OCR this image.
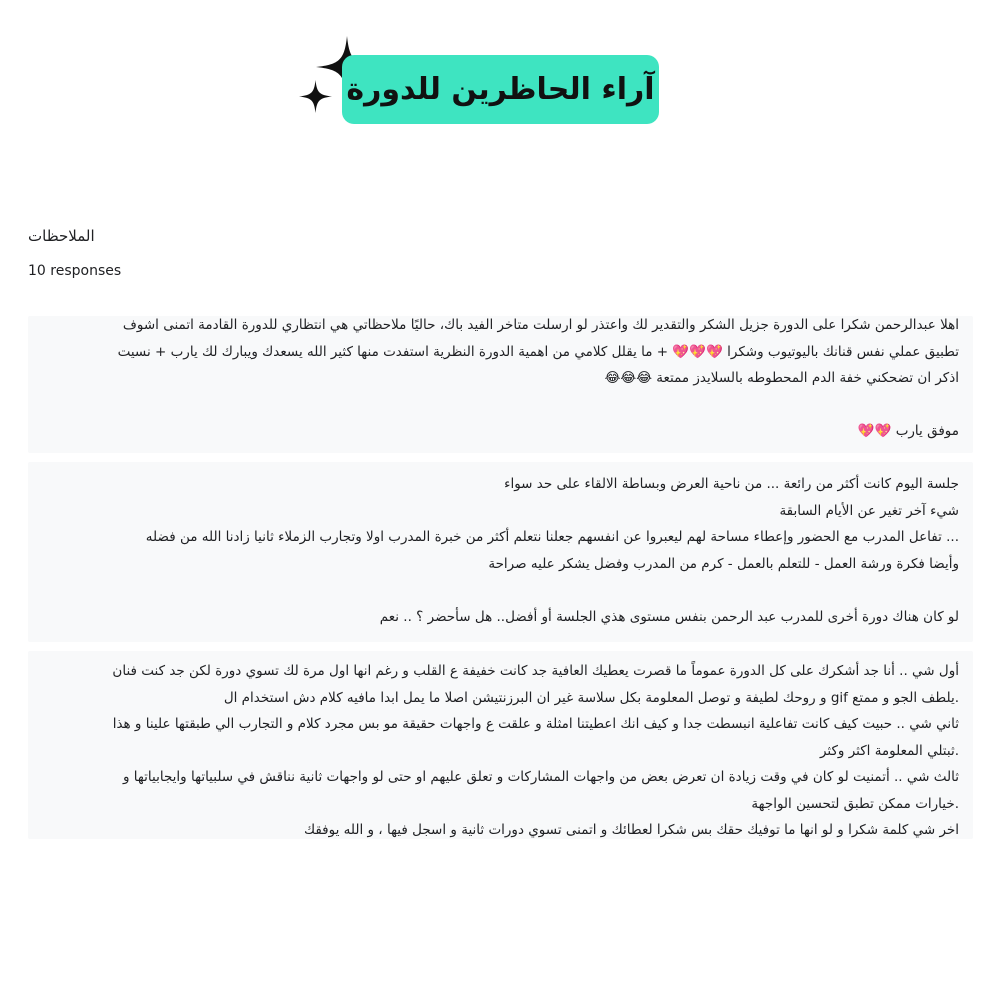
آراء الحاظرين للدورة
الملاحظات
10 responses

اهلا عبدالرحمن شكرا على الدورة جزيل الشكر والتقدير لك واعتذر لو ارسلت متاخر الفيد باك، حاليًا ملاحظاتي هي انتظاري للدورة القادمة اتمنى اشوف
تطبيق عملي نفس قنانك باليوتيوب وشكرا 💖💖💖 + ما يقلل كلامي من اهمية الدورة النظرية استفدت منها كثير الله يسعدك ويبارك لك يارب + نسيت
اذكر ان تضحكني خفة الدم المحطوطه بالسلايدز ممتعة 😂😂😂

موفق يارب 💖💖

جلسة اليوم كانت أكثر من رائعة ... من ناحية العرض وبساطة الالقاء على حد سواء
شيء آخر تغير عن الأيام السابقة
... تفاعل المدرب مع الحضور وإعطاء مساحة لهم ليعبروا عن انفسهم جعلنا نتعلم أكثر من خبرة المدرب اولا وتجارب الزملاء ثانيا زادنا الله من فضله
وأيضا فكرة ورشة العمل - للتعلم بالعمل - كرم من المدرب وفضل يشكر عليه صراحة

لو كان هناك دورة أخرى للمدرب عبد الرحمن بنفس مستوى هذي الجلسة أو أفضل.. هل سأحضر ؟ .. نعم

أول شي .. أنا جد أشكرك على كل الدورة عموماً ما قصرت يعطيك العافية جد كانت خفيفة ع القلب و رغم انها اول مرة لك تسوي دورة لكن جد كنت فنان
.يلطف الجو و ممتع gif و روحك لطيفة و توصل المعلومة بكل سلاسة غير ان البرزنتيشن اصلا ما يمل ابدا مافيه كلام دش استخدام ال
ثاني شي .. حبيت كيف كانت تفاعلية انبسطت جدا و كيف انك اعطيتنا امثلة و علقت ع واجهات حقيقة مو بس مجرد كلام و التجارب الي طبقتها علينا و هذا
.ثبتلي المعلومة اكثر وكثر
ثالث شي .. أتمنيت لو كان في وقت زيادة ان تعرض بعض من واجهات المشاركات و تعلق عليهم او حتى لو واجهات ثانية نناقش في سلبياتها وايجابياتها و
.خيارات ممكن تطبق لتحسين الواجهة
اخر شي كلمة شكرا و لو انها ما توفيك حقك بس شكرا لعطائك و اتمنى تسوي دورات ثانية و اسجل فيها ، و الله يوفقك
